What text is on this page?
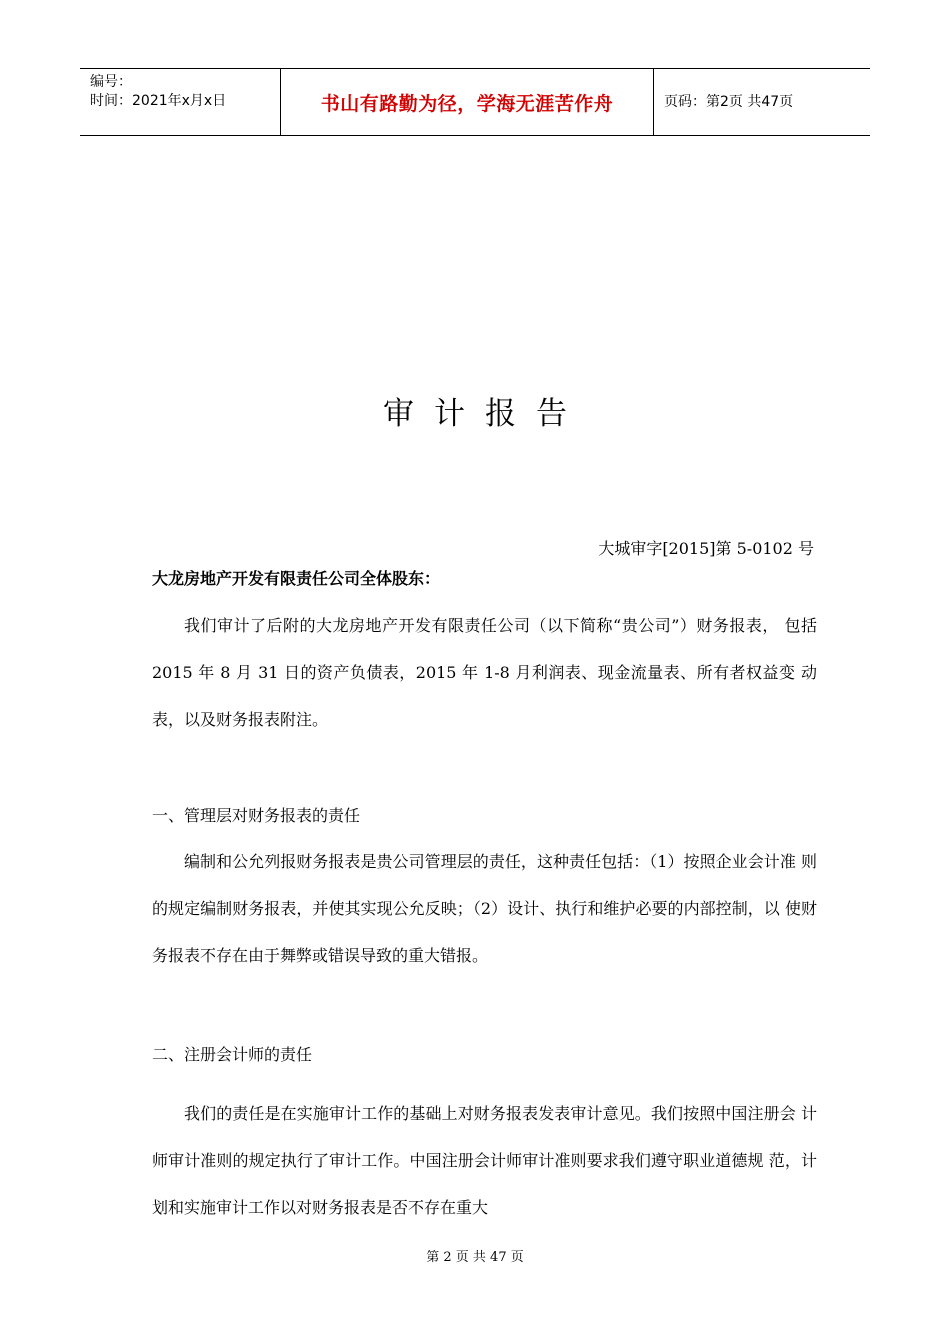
编号：
时间：2021年x月x日	书山有路勤为径，学海无涯苦作舟	页码：第2页 共47页
审计报告
大城审字[2015]第 5-0102 号
大龙房地产开发有限责任公司全体股东：

我们审计了后附的大龙房地产开发有限责任公司（以下简称“贵公司”）财务报表， 包括 2015 年 8 月 31 日的资产负债表，2015 年 1-8 月利润表、现金流量表、所有者权益变 动表，以及财务报表附注。

一、管理层对财务报表的责任

编制和公允列报财务报表是贵公司管理层的责任，这种责任包括：（1）按照企业会计准 则的规定编制财务报表，并使其实现公允反映；（2）设计、执行和维护必要的内部控制，以 使财务报表不存在由于舞弊或错误导致的重大错报。

二、注册会计师的责任

我们的责任是在实施审计工作的基础上对财务报表发表审计意见。我们按照中国注册会 计师审计准则的规定执行了审计工作。中国注册会计师审计准则要求我们遵守职业道德规 范，计划和实施审计工作以对财务报表是否不存在重大

第 2 页 共 47 页
